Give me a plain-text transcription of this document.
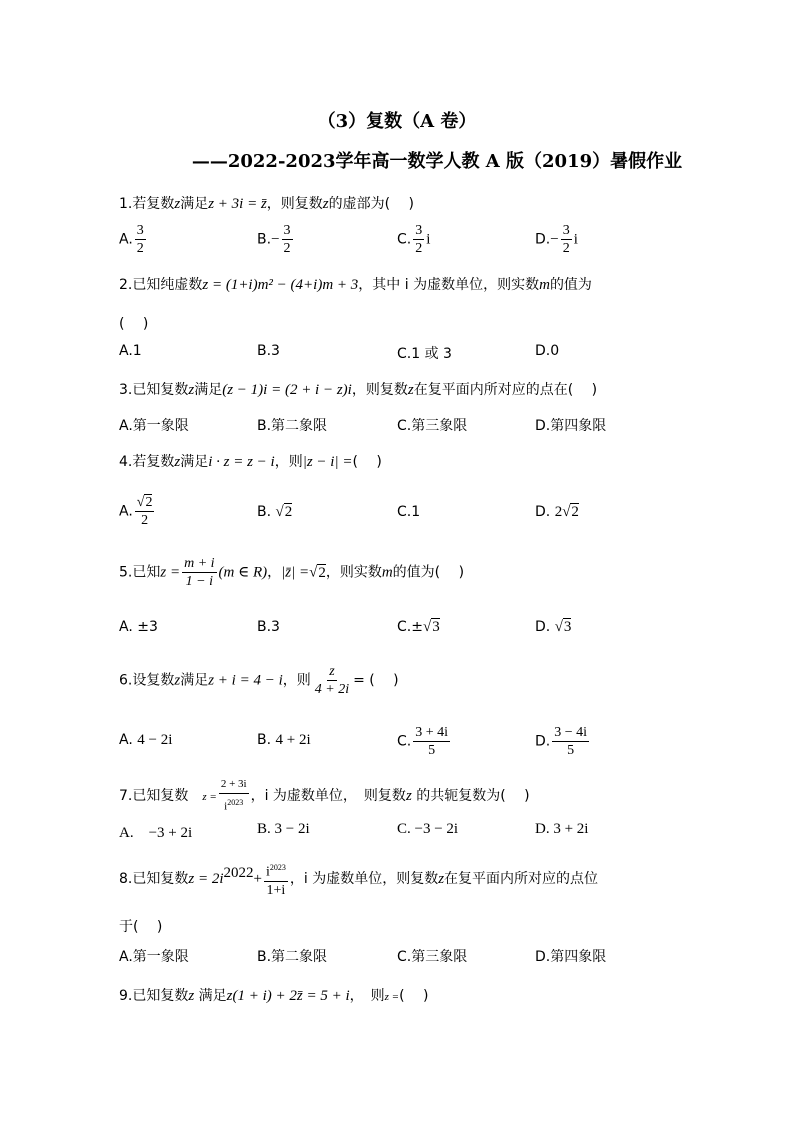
（3）复数（A 卷）
——2022-2023学年高一数学人教 A 版（2019）暑假作业
1.若复数z满足z + 3i = z̄，则复数z的虚部为(　 )
A. $\frac{3}{2}$	$B.- \frac{3}{2}$	C. $\frac{3}{2}$ i	$D.- \frac{3}{2}$ i
2.已知纯虚数z = (1+i)m² − (4+i)m + 3，其中 i 为虚数单位，则实数m的值为
(　 )
A.1	B.3	C.1 或 3	D.0
3.已知复数z满足(z − 1)i = (2 + i − z)i，则复数z在复平面内所对应的点在(　 )
A.第一象限	B.第二象限	C.第三象限	D.第四象限
4.若复数z满足i · z = z − i，则|z − i| =(　 )
A. $\frac{√2}{2}$	B. √2	C.1	D. 2√2
5.已知$z = \frac{m + i}{1 - i} (m$ ∈ R)，|z̄| =√2，则实数m的值为(　 )
A. ±3	B.3	C.±√3	D. √3
6.设复数z满足z + i = 4 − i，则 $\frac{z}{4 + 2i}$ = (　 )
A. 4 − 2i	B. 4 + 2i	C. $\frac{3 + 4i}{5}$	D. $\frac{3 - 4i}{5}$
7.已知复数　 $z = \frac{2 + 3i}{i^{2023}}$ ，i 为虚数单位，　则复数z 的共轭复数为(　 )
A.　−3 + 2i	B. 3 − 2i	C. −3 − 2i	D. 3 + 2i
8.已知复数$z = 2i^{2022}+ \frac{i^{2023}}{1+i}$ ，i 为虚数单位，则复数z在复平面内所对应的点位
于(　 )
A.第一象限	B.第二象限	C.第三象限	D.第四象限
9.已知复数z 满足z(1 + i) + 2z̄ = 5 + i，　则z =(　 )
